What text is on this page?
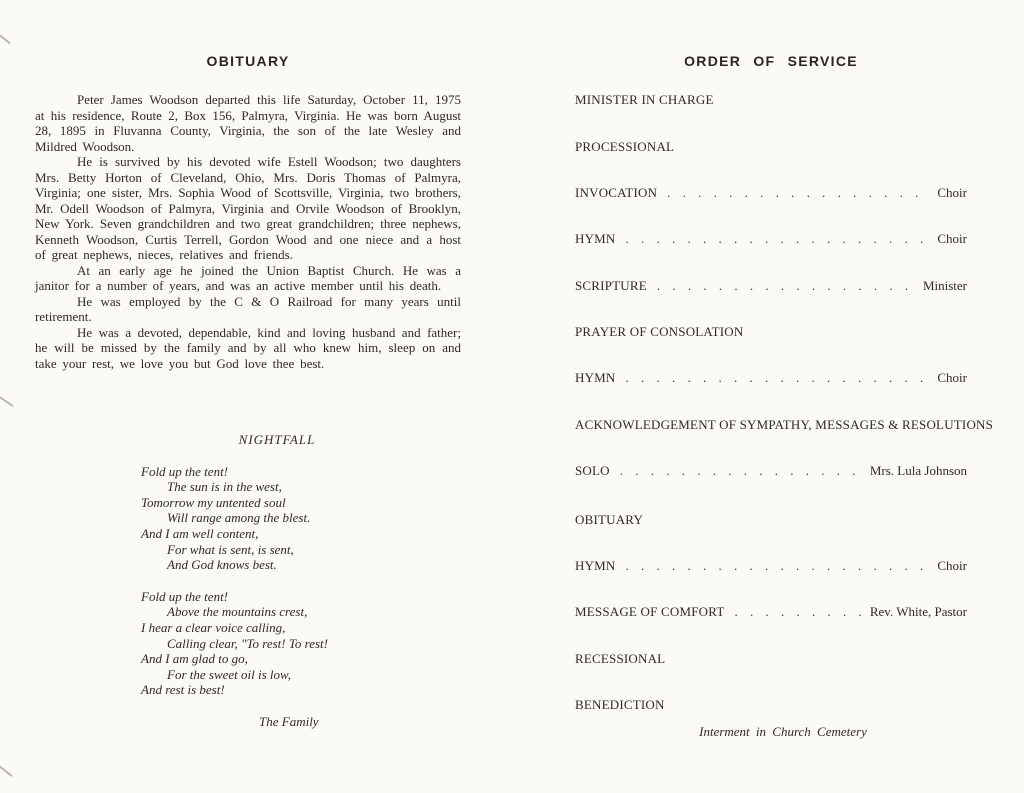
OBITUARY

Peter James Woodson departed this life Saturday, October 11, 1975 at his residence, Route 2, Box 156, Palmyra, Virginia. He was born August 28, 1895 in Fluvanna County, Virginia, the son of the late Wesley and Mildred Woodson.

He is survived by his devoted wife Estell Woodson; two daughters Mrs. Betty Horton of Cleveland, Ohio, Mrs. Doris Thomas of Palmyra, Virginia; one sister, Mrs. Sophia Wood of Scottsville, Virginia, two brothers, Mr. Odell Woodson of Palmyra, Virginia and Orvile Woodson of Brooklyn, New York. Seven grandchildren and two great grandchildren; three nephews, Kenneth Woodson, Curtis Terrell, Gordon Wood and one niece and a host of great nephews, nieces, relatives and friends.

At an early age he joined the Union Baptist Church. He was a janitor for a number of years, and was an active member until his death.

He was employed by the C & O Railroad for many years until retirement.

He was a devoted, dependable, kind and loving husband and father; he will be missed by the family and by all who knew him, sleep on and take your rest, we love you but God love thee best.

NIGHTFALL
Fold up the tent!
The sun is in the west,
Tomorrow my untented soul
Will range among the blest.
And I am well content,
For what is sent, is sent,
And God knows best.
Fold up the tent!
Above the mountains crest,
I hear a clear voice calling,
Calling clear, "To rest! To rest!
And I am glad to go,
For the sweet oil is low,
And rest is best!
The Family
ORDER OF SERVICE
MINISTER IN CHARGE
PROCESSIONAL
INVOCATION . . .	Choir
HYMN . . .	Choir
SCRIPTURE . . .	Minister
PRAYER OF CONSOLATION
HYMN . . .	Choir
ACKNOWLEDGEMENT OF SYMPATHY, MESSAGES & RESOLUTIONS
SOLO . . .	Mrs. Lula Johnson
OBITUARY
HYMN . . .	Choir
MESSAGE OF COMFORT . . .	Rev. White, Pastor
RECESSIONAL
BENEDICTION
Interment in Church Cemetery
